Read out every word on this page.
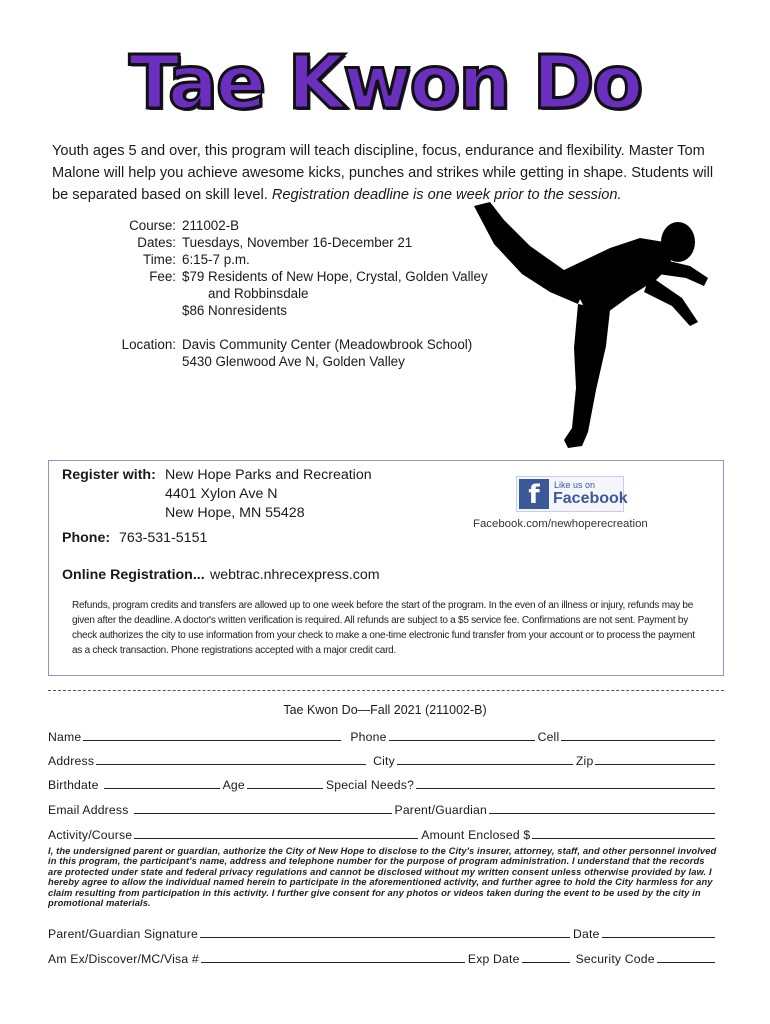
Tae Kwon Do
Youth ages 5 and over, this program will teach discipline, focus, endurance and flexibility. Master Tom Malone will help you achieve awesome kicks, punches and strikes while getting in shape. Students will be separated based on skill level. Registration deadline is one week prior to the session.
Course: 211002-B
Dates: Tuesdays, November 16-December 21
Time: 6:15-7 p.m.
Fee: $79 Residents of New Hope, Crystal, Golden Valley
and Robbinsdale
$86 Nonresidents
Location: Davis Community Center (Meadowbrook School)
5430 Glenwood Ave N, Golden Valley
Register with: New Hope Parks and Recreation
4401 Xylon Ave N
New Hope, MN 55428
Phone: 763-531-5151
Online Registration... webtrac.nhrecexpress.com
f	Like us on
Facebook
Facebook.com/newhoperecreation
Refunds, program credits and transfers are allowed up to one week before the start of the program. In the even of an illness or injury, refunds may be given after the deadline. A doctor's written verification is required. All refunds are subject to a $5 service fee. Confirmations are not sent. Payment by check authorizes the city to use information from your check to make a one-time electronic fund transfer from your account or to process the payment as a check transaction. Phone registrations accepted with a major credit card.
Tae Kwon Do—Fall 2021 (211002-B)
Name	Phone	Cell
Address	City	Zip
Birthdate	Age	Special Needs?
Email Address	Parent/Guardian
Activity/Course	Amount Enclosed $
I, the undersigned parent or guardian, authorize the City of New Hope to disclose to the City's insurer, attorney, staff, and other personnel involved in this program, the participant's name, address and telephone number for the purpose of program administration. I understand that the records are protected under state and federal privacy regulations and cannot be disclosed without my written consent unless otherwise provided by law. I hereby agree to allow the individual named herein to participate in the aforementioned activity, and further agree to hold the City harmless for any claim resulting from participation in this activity. I further give consent for any photos or videos taken during the event to be used by the city in promotional materials.
Parent/Guardian Signature	Date
Am Ex/Discover/MC/Visa #	Exp Date	Security Code
